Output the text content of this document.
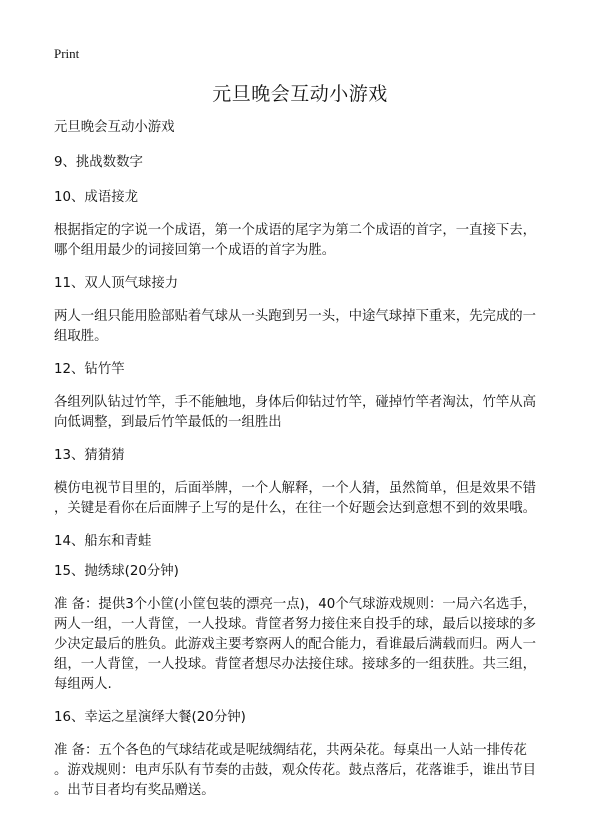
Print
元旦晚会互动小游戏

元旦晚会互动小游戏

9、挑战数数字

10、成语接龙

根据指定的字说一个成语，第一个成语的尾字为第二个成语的首字，一直接下去，

哪个组用最少的词接回第一个成语的首字为胜。

11、双人顶气球接力

两人一组只能用脸部贴着气球从一头跑到另一头，中途气球掉下重来，先完成的一

组取胜。

12、钻竹竿

各组列队钻过竹竿，手不能触地，身体后仰钻过竹竿，碰掉竹竿者淘汰，竹竿从高

向低调整，到最后竹竿最低的一组胜出

13、猜猜猜

模仿电视节目里的，后面举牌，一个人解释，一个人猜，虽然简单，但是效果不错

，关键是看你在后面牌子上写的是什么，在往一个好题会达到意想不到的效果哦。

14、船东和青蛙

15、抛绣球(20分钟)

准 备：提供3个小筐(小筐包装的漂亮一点)，40个气球游戏规则：一局六名选手，

两人一组，一人背筐，一人投球。背筐者努力接住来自投手的球，最后以接球的多

少决定最后的胜负。此游戏主要考察两人的配合能力，看谁最后满载而归。两人一

组，一人背筐，一人投球。背筐者想尽办法接住球。接球多的一组获胜。共三组，

每组两人.

16、幸运之星演绎大餐(20分钟)

准 备：五个各色的气球结花或是呢绒绸结花，共两朵花。每桌出一人站一排传花

。游戏规则：电声乐队有节奏的击鼓，观众传花。鼓点落后，花落谁手，谁出节目

。出节目者均有奖品赠送。
